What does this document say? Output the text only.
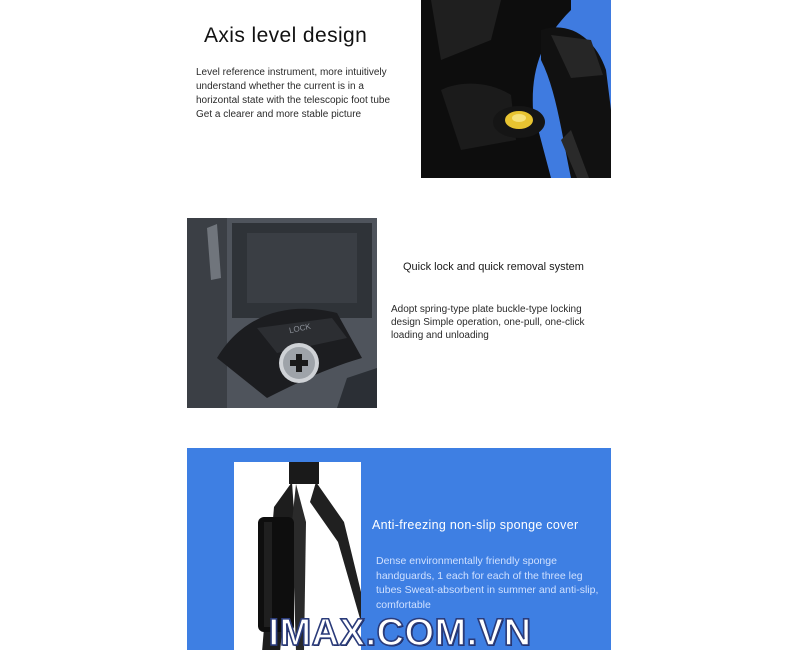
Axis level design
Level reference instrument, more intuitively
understand whether the current is in a
horizontal state with the telescopic foot tube
Get a clearer and more stable picture
LOCK
Quick lock and quick removal system
Adopt spring-type plate buckle-type locking design Simple operation, one-pull, one-click loading and unloading
Anti-freezing non-slip sponge cover
Dense environmentally friendly sponge handguards, 1 each for each of the three leg tubes Sweat-absorbent in summer and anti-slip, comfortable
IMAX.COM.VN
